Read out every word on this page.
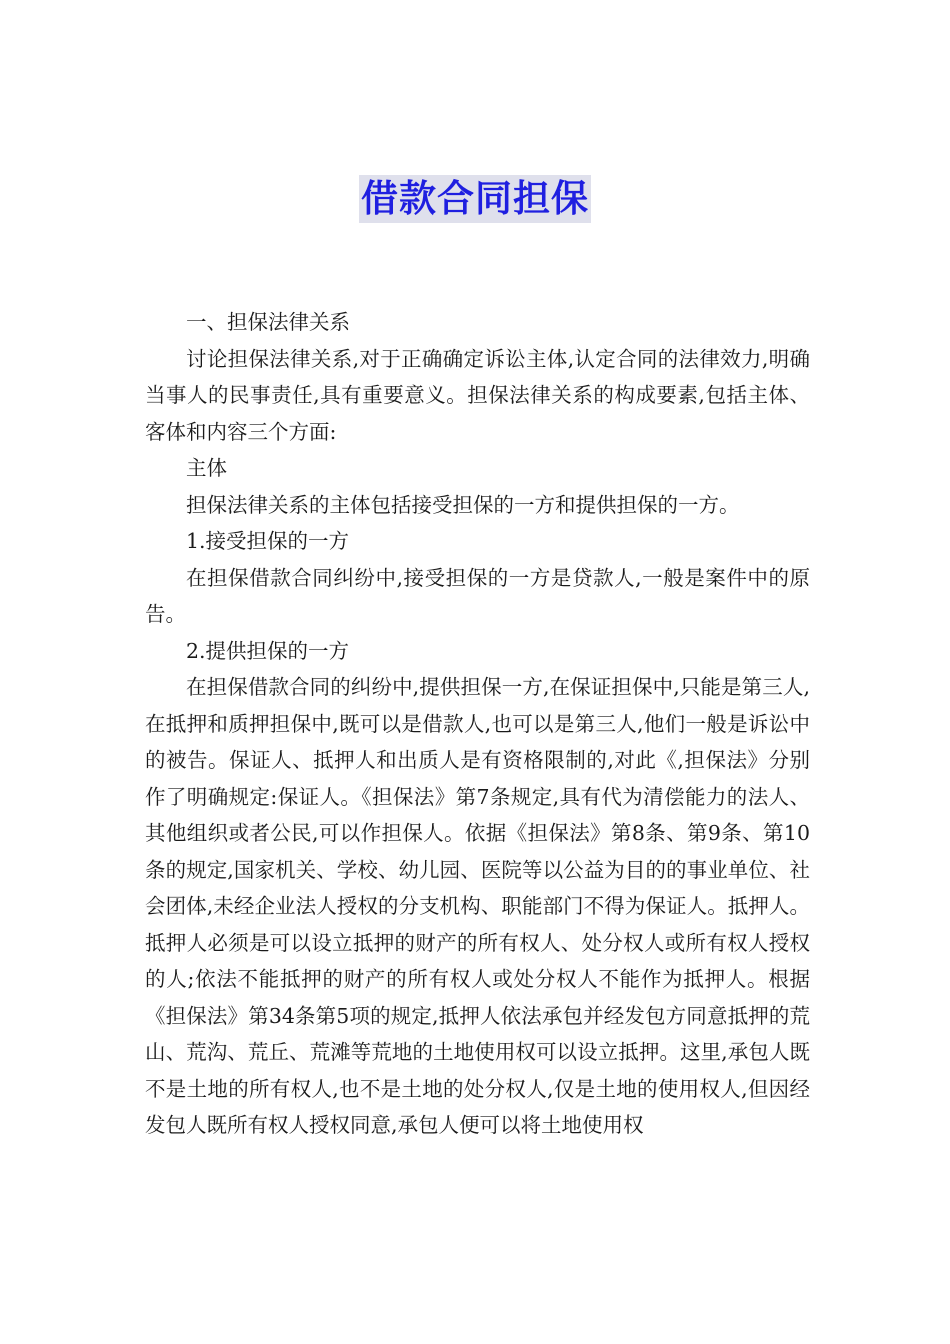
借款合同担保

一、担保法律关系

讨论担保法律关系,对于正确确定诉讼主体,认定合同的法律效力,明确当事人的民事责任,具有重要意义。担保法律关系的构成要素,包括主体、客体和内容三个方面:

主体

担保法律关系的主体包括接受担保的一方和提供担保的一方。

1.接受担保的一方

在担保借款合同纠纷中,接受担保的一方是贷款人,一般是案件中的原告。

2.提供担保的一方

在担保借款合同的纠纷中,提供担保一方,在保证担保中,只能是第三人,在抵押和质押担保中,既可以是借款人,也可以是第三人,他们一般是诉讼中的被告。保证人、抵押人和出质人是有资格限制的,对此《,担保法》分别作了明确规定:保证人。《担保法》第7条规定,具有代为清偿能力的法人、其他组织或者公民,可以作担保人。依据《担保法》第8条、第9条、第10条的规定,国家机关、学校、幼儿园、医院等以公益为目的的事业单位、社会团体,未经企业法人授权的分支机构、职能部门不得为保证人。抵押人。抵押人必须是可以设立抵押的财产的所有权人、处分权人或所有权人授权的人;依法不能抵押的财产的所有权人或处分权人不能作为抵押人。根据《担保法》第34条第5项的规定,抵押人依法承包并经发包方同意抵押的荒山、荒沟、荒丘、荒滩等荒地的土地使用权可以设立抵押。这里,承包人既不是土地的所有权人,也不是土地的处分权人,仅是土地的使用权人,但因经发包人既所有权人授权同意,承包人便可以将土地使用权
